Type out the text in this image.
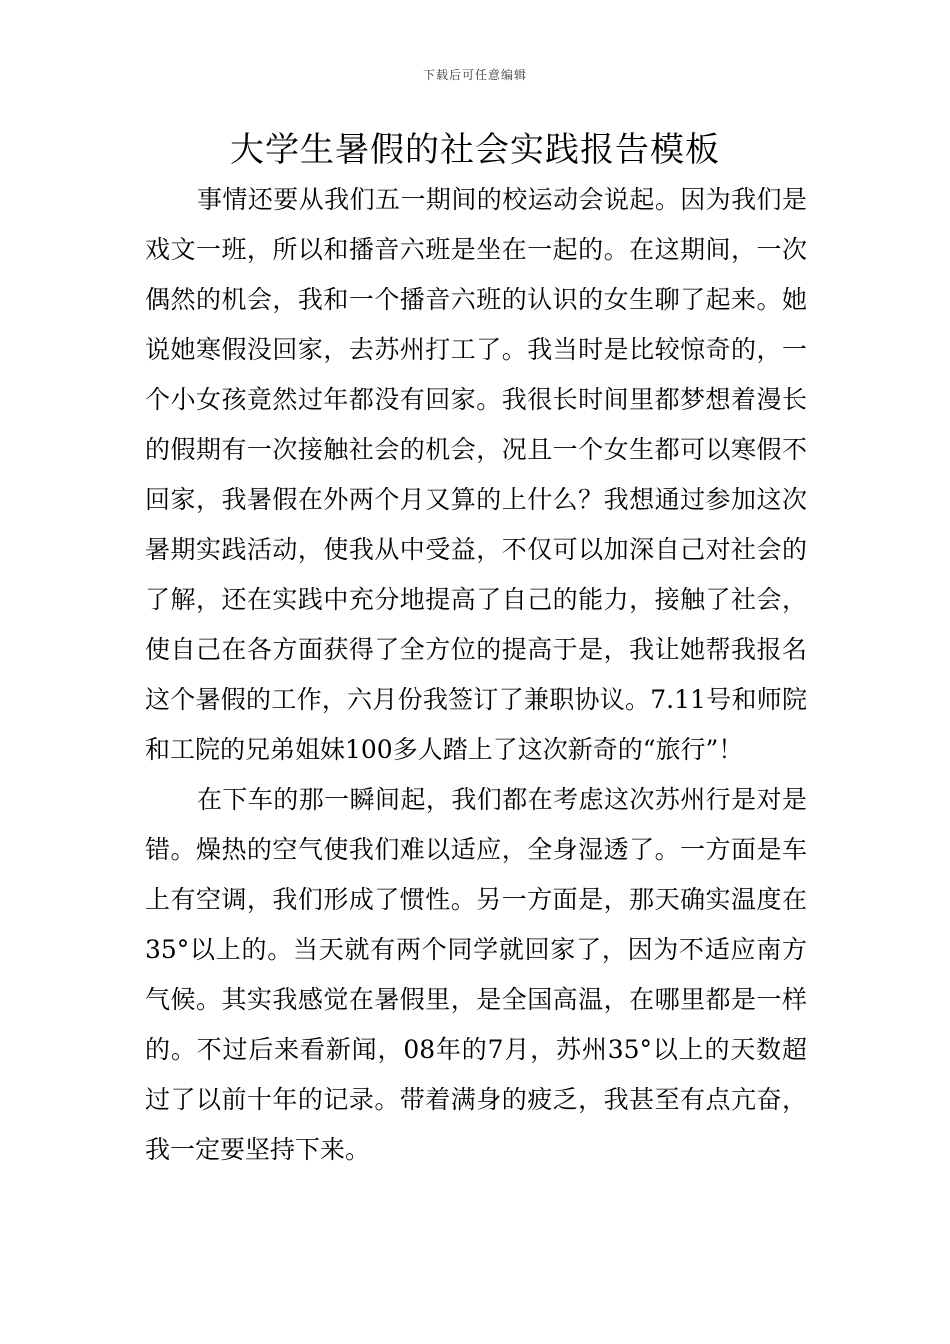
下载后可任意编辑
大学生暑假的社会实践报告模板

事情还要从我们五一期间的校运动会说起。因为我们是戏文一班，所以和播音六班是坐在一起的。在这期间，一次偶然的机会，我和一个播音六班的认识的女生聊了起来。她说她寒假没回家，去苏州打工了。我当时是比较惊奇的，一个小女孩竟然过年都没有回家。我很长时间里都梦想着漫长的假期有一次接触社会的机会，况且一个女生都可以寒假不回家，我暑假在外两个月又算的上什么？我想通过参加这次暑期实践活动，使我从中受益，不仅可以加深自己对社会的了解，还在实践中充分地提高了自己的能力，接触了社会，使自己在各方面获得了全方位的提高于是，我让她帮我报名这个暑假的工作，六月份我签订了兼职协议。7.11号和师院和工院的兄弟姐妹100多人踏上了这次新奇的“旅行”！

在下车的那一瞬间起，我们都在考虑这次苏州行是对是错。燥热的空气使我们难以适应，全身湿透了。一方面是车上有空调，我们形成了惯性。另一方面是，那天确实温度在35°以上的。当天就有两个同学就回家了，因为不适应南方气候。其实我感觉在暑假里，是全国高温，在哪里都是一样的。不过后来看新闻，08年的7月，苏州35°以上的天数超过了以前十年的记录。带着满身的疲乏，我甚至有点亢奋，我一定要坚持下来。
